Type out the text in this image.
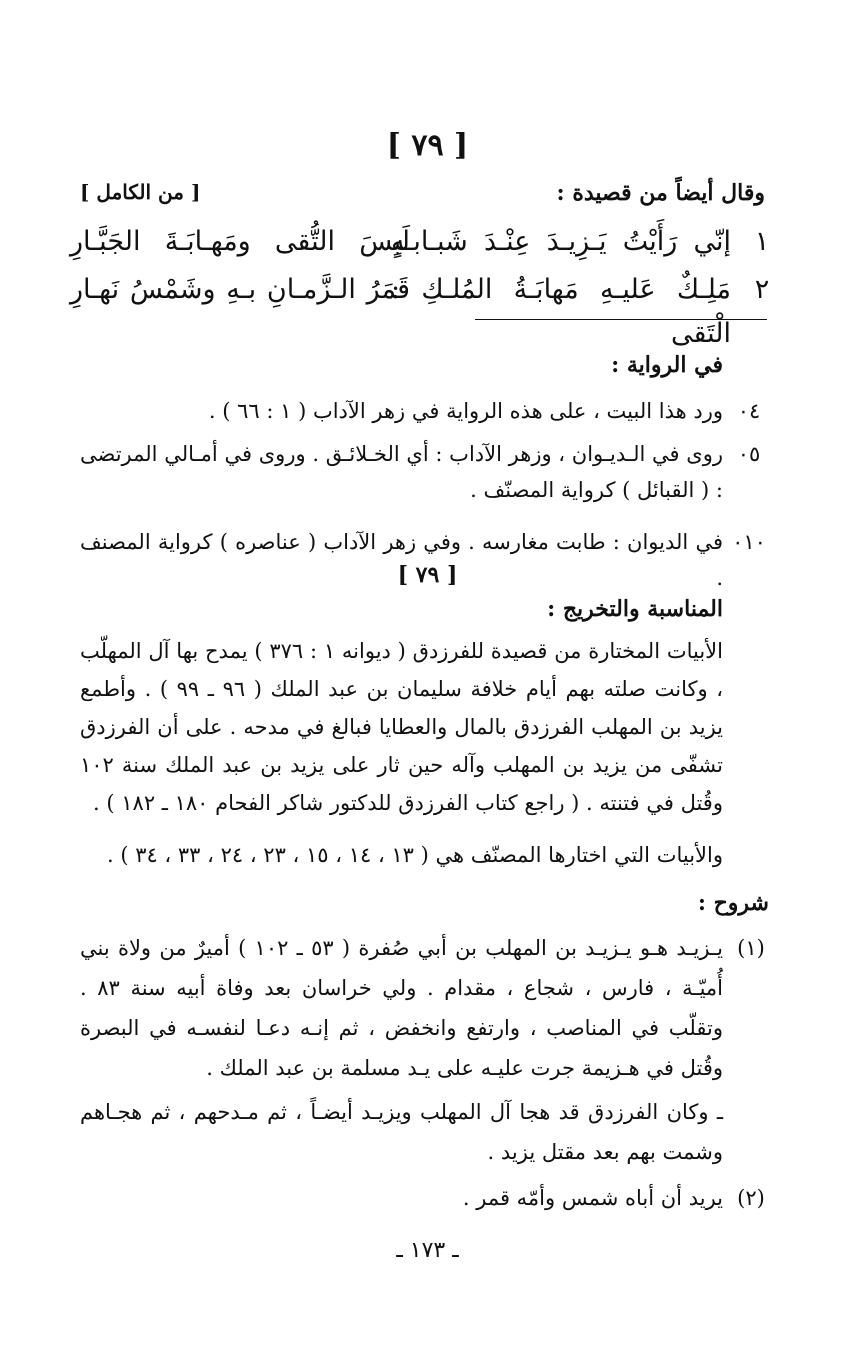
[ ٧٩ ]
وقال أيضاً من قصيدة :
[ من الكامل ]
١
إنّي رَأَيْتُ يَـزِيـدَ عِنْـدَ شَبـابـهِ
لَبِسَ التُّقى ومَهـابَـةَ الجَبَّـارِ
٢
مَلِـكٌ عَليـهِ مَهابَـةُ المُلـكِ : الْتَقى
قَمَرُ الـزَّمـانِ بـهِ وشَمْسُ نَهـارِ
في الرواية :
٠٤
ورد هذا البيت ، على هذه الرواية في زهر الآداب ( ١ : ٦٦ ) .
٠٥
روى في الـديـوان ، وزهر الآداب : أي الخـلائـق . وروى في أمـالي المرتضى : ( القبائل ) كرواية المصنّف .
٠١٠
في الديوان : طابت مغارسه . وفي زهر الآداب ( عناصره ) كرواية المصنف .
[ ٧٩ ]
المناسبة والتخريج :
الأبيات المختارة من قصيدة للفرزدق ( ديوانه ١ : ٣٧٦ ) يمدح بها آل المهلّب ، وكانت صلته بهم أيام خلافة سليمان بن عبد الملك ( ٩٦ ـ ٩٩ ) . وأطمع يزيد بن المهلب الفرزدق بالمال والعطايا فبالغ في مدحه . على أن الفرزدق تشفّى من يزيد بن المهلب وآله حين ثار على يزيد بن عبد الملك سنة ١٠٢ وقُتل في فتنته . ( راجع كتاب الفرزدق للدكتور شاكر الفحام ١٨٠ ـ ١٨٢ ) .
والأبيات التي اختارها المصنّف هي ( ١٣ ، ١٤ ، ١٥ ، ٢٣ ، ٢٤ ، ٣٣ ، ٣٤ ) .
شروح :
(١)
يـزيـد هـو يـزيـد بن المهلب بن أبي صُفرة ( ٥٣ ـ ١٠٢ ) أميرٌ من ولاة بني أُميّـة ، فارس ، شجاع ، مقدام . ولي خراسان بعد وفاة أبيه سنة ٨٣ . وتقلّب في المناصب ، وارتفع وانخفض ، ثم إنـه دعـا لنفسـه في البصرة وقُتل في هـزيمة جرت عليـه على يـد مسلمة بن عبد الملك .
ـ وكان الفرزدق قد هجا آل المهلب ويزيـد أيضـاً ، ثم مـدحهم ، ثم هجـاهم وشمت بهم بعد مقتل يزيد .
(٢)
يريد أن أباه شمس وأمّه قمر .
ـ ١٧٣ ـ
